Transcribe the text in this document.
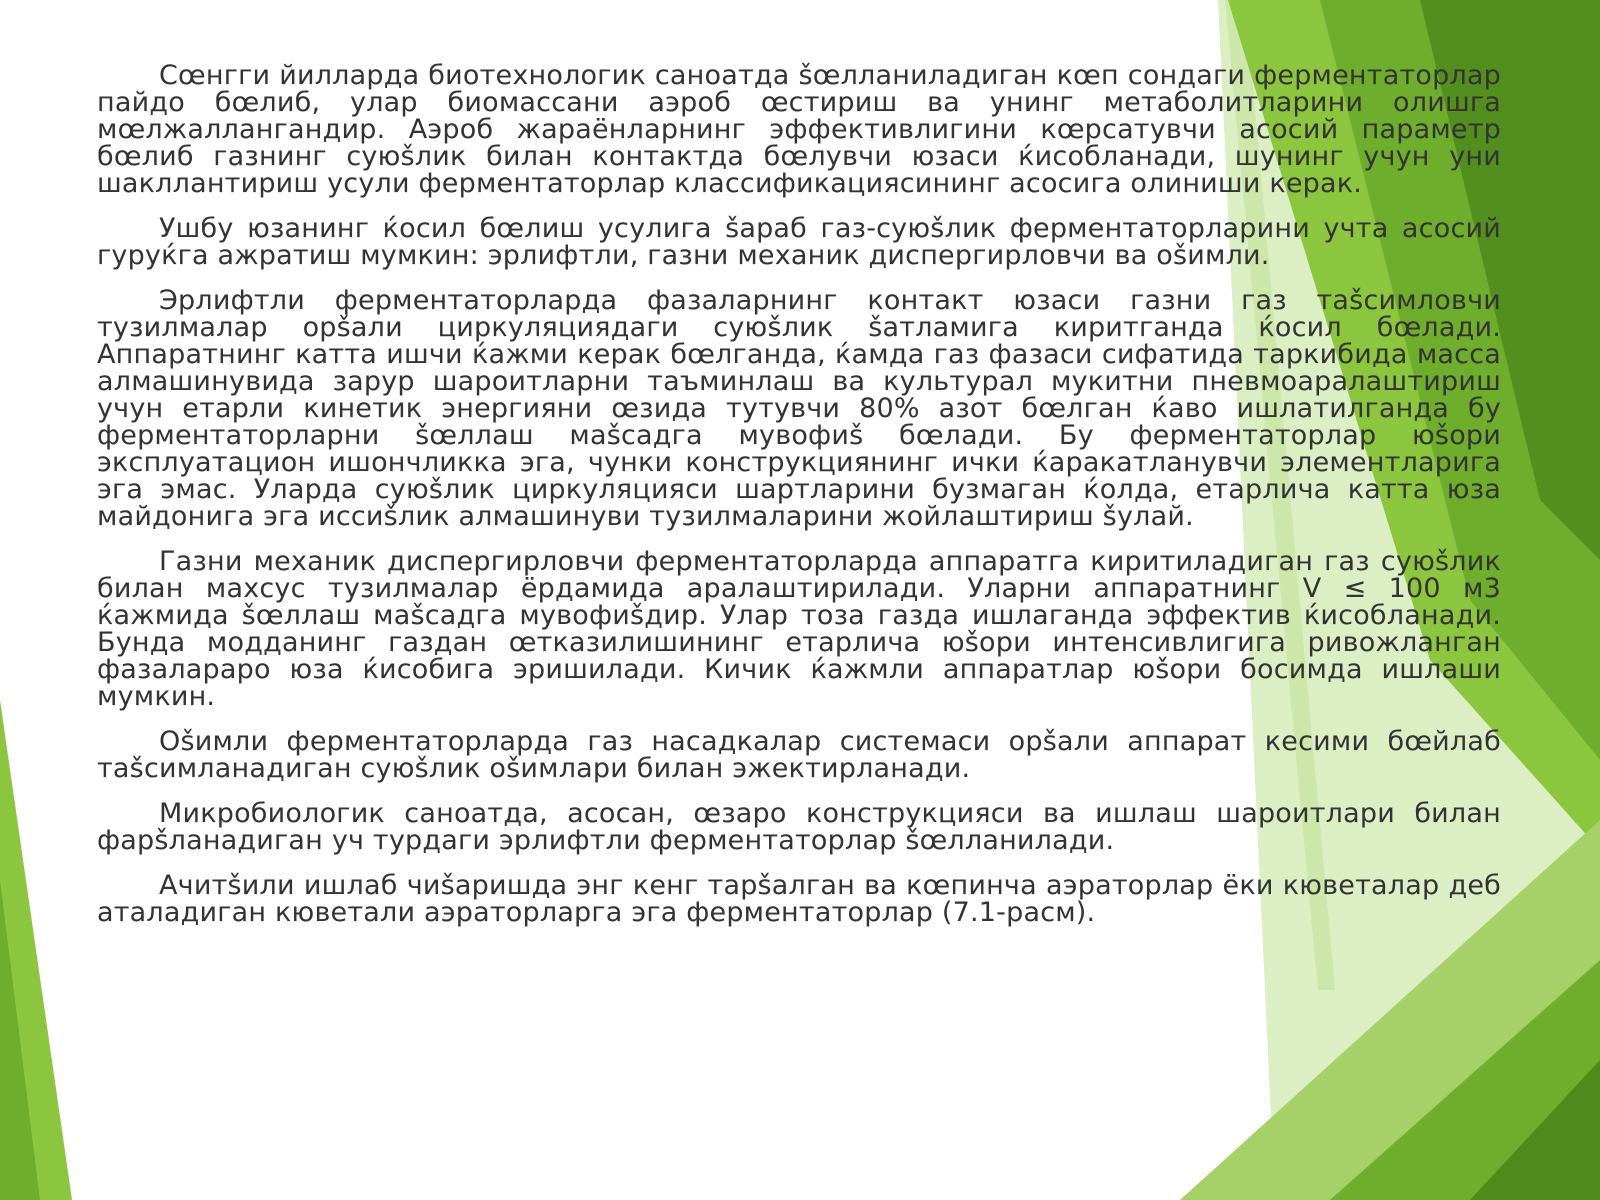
Сœнгги йилларда биотехнологик саноатда šœлланиладиган кœп сондаги ферментаторлар пайдо бœлиб, улар биомассани аэроб œстириш ва унинг метаболитларини олишга мœлжаллангандир. Аэроб жараёнларнинг эффективлигини кœрсатувчи асосий параметр бœлиб газнинг суюšлик билан контактда бœлувчи юзаси ќисобланади, шунинг учун уни шакллантириш усули ферментаторлар классификациясининг асосига олиниши керак.

Ушбу юзанинг ќосил бœлиш усулига šараб газ-суюšлик ферментаторларини учта асосий гуруќга ажратиш мумкин: эрлифтли, газни механик диспергирловчи ва оšимли.

Эрлифтли ферментаторларда фазаларнинг контакт юзаси газни газ таšсимловчи тузилмалар орšали циркуляциядаги суюšлик šатламига киритганда ќосил бœлади. Аппаратнинг катта ишчи ќажми керак бœлганда, ќамда газ фазаси сифатида таркибида масса алмашинувида зарур шароитларни таъминлаш ва культурал мукитни пневмоаралаштириш учун етарли кинетик энергияни œзида тутувчи 80% азот бœлган ќаво ишлатилганда бу ферментаторларни šœллаш маšсадга мувофиš бœлади. Бу ферментаторлар юšори эксплуатацион ишончликка эга, чунки конструкциянинг ички ќаракатланувчи элементларига эга эмас. Уларда суюšлик циркуляцияси шартларини бузмаган ќолда, етарлича катта юза майдонига эга иссиšлик алмашинуви тузилмаларини жойлаштириш šулай.

Газни механик диспергирловчи ферментаторларда аппаратга киритиладиган газ суюšлик билан махсус тузилмалар ёрдамида аралаштирилади. Уларни аппаратнинг V ≤ 100 м3 ќажмида šœллаш маšсадга мувофиšдир. Улар тоза газда ишлаганда эффектив ќисобланади. Бунда модданинг газдан œтказилишининг етарлича юšори интенсивлигига ривожланган фазалараро юза ќисобига эришилади. Кичик ќажмли аппаратлар юšори босимда ишлаши мумкин.

Оšимли ферментаторларда газ насадкалар системаси орšали аппарат кесими бœйлаб таšсимланадиган суюšлик оšимлари билан эжектирланади.

Микробиологик саноатда, асосан, œзаро конструкцияси ва ишлаш шароитлари билан фарšланадиган уч турдаги эрлифтли ферментаторлар šœлланилади.

Ачитšили ишлаб чиšаришда энг кенг тарšалган ва кœпинча аэраторлар ёки кюветалар деб аталадиган кюветали аэраторларга эга ферментаторлар (7.1-расм).
